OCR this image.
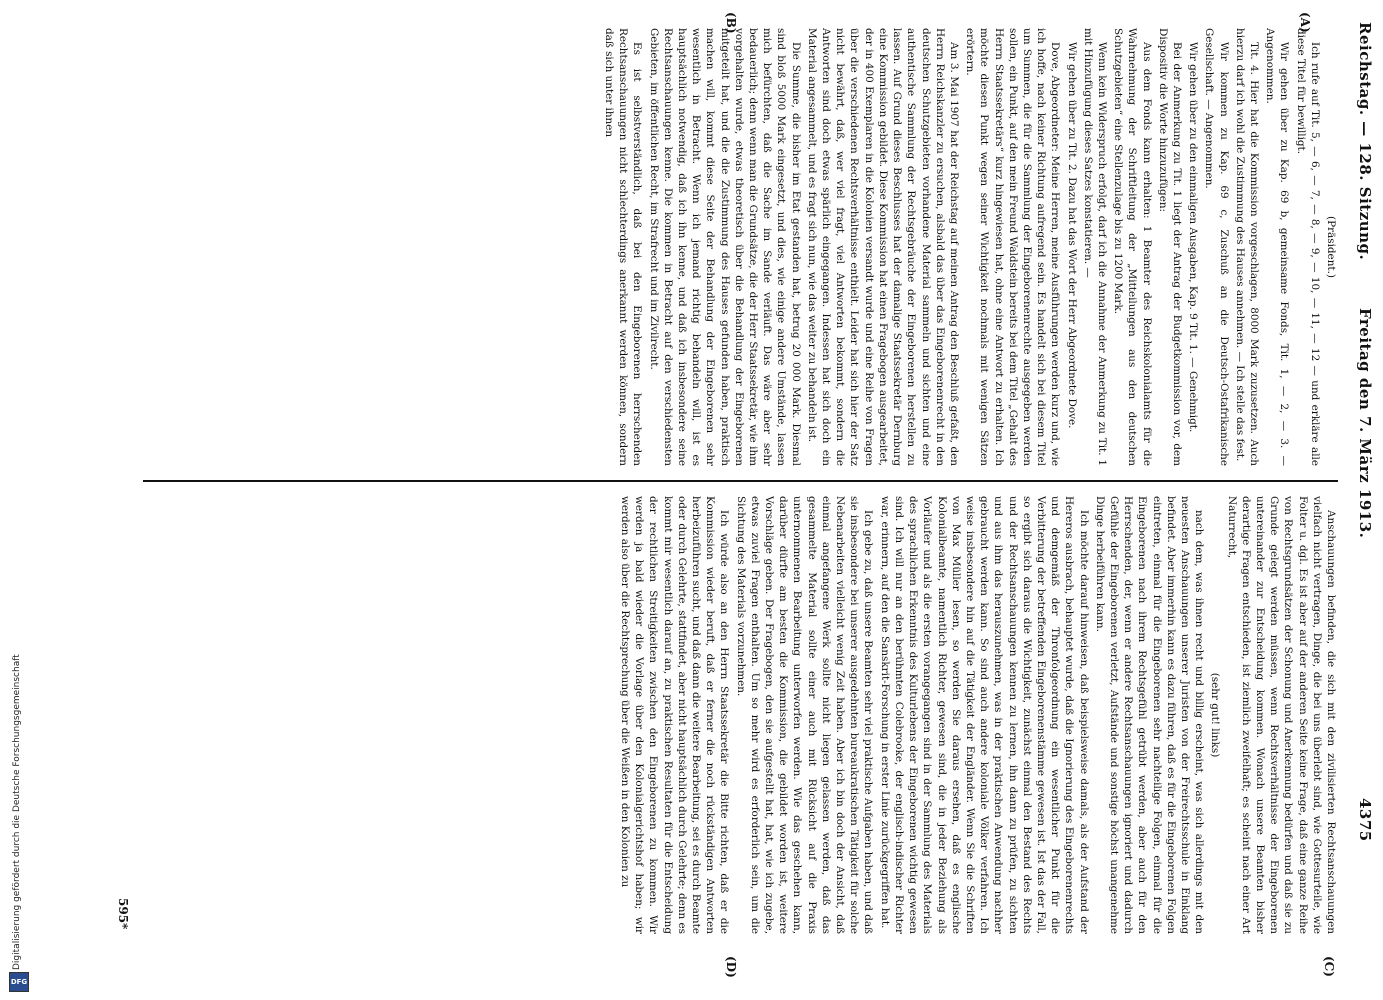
Digitalisierung gefördert durch die Deutsche Forschungsgemeinschaft
DFG
Reichstag. — 128. Sitzung.
Freitag den 7. März 1913.
4375
(A)
(B)
(C)
(D)

(Präsident.)

Ich rufe auf Tit. 5, — 6, — 7, — 8, — 9, — 10, — 11, — 12 — und erkläre alle diese Titel für bewilligt.

Wir gehen über zu Kap. 69 b, gemeinsame Fonds, Tit. 1, — 2, — 3. — Angenommen.

Tit. 4. Hier hat die Kommission vorgeschlagen, 8000 Mark zuzusetzen. Auch hierzu darf ich wohl die Zustimmung des Hauses annehmen. — Ich stelle das fest.

Wir kommen zu Kap. 69 c, Zuschuß an die Deutsch-Ostafrikanische Gesellschaft. — Angenommen.

Wir gehen über zu den einmaligen Ausgaben, Kap. 9 Tit. 1. — Genehmigt.

Bei der Anmerkung zu Tit. 1 liegt der Antrag der Budgetkommission vor, dem Dispositiv die Worte hinzuzufügen:

Aus dem Fonds kann erhalten: 1 Beamter des Reichskolonialamts für die Wahrnehmung der Schriftleitung der „Mitteilungen aus den deutschen Schutzgebieten“ eine Stellenzulage bis zu 1200 Mark.

Wenn kein Widerspruch erfolgt, darf ich die Annahme der Anmerkung zu Tit. 1 mit Hinzufügung dieses Satzes konstatieren. —

Wir gehen über zu Tit. 2. Dazu hat das Wort der Herr Abgeordnete Dove.

Dove, Abgeordneter: Meine Herren, meine Ausführungen werden kurz und, wie ich hoffe, nach keiner Richtung aufregend sein. Es handelt sich bei diesem Titel um Summen, die für die Sammlung der Eingeborenenrechte ausgegeben werden sollen, ein Punkt, auf den mein Freund Waldstein bereits bei dem Titel „Gehalt des Herrn Staatssekretärs“ kurz hingewiesen hat, ohne eine Antwort zu erhalten. Ich möchte diesen Punkt wegen seiner Wichtigkeit nochmals mit wenigen Sätzen erörtern.

Am 3. Mai 1907 hat der Reichstag auf meinen Antrag den Beschluß gefaßt, den Herrn Reichskanzler zu ersuchen, alsbald das über das Eingeborenenrecht in den deutschen Schutzgebieten vorhandene Material sammeln und sichten und eine authentische Sammlung der Rechtsgebräuche der Eingeborenen herstellen zu lassen. Auf Grund dieses Beschlusses hat der damalige Staatssekretär Dernburg eine Kommission gebildet. Diese Kommission hat einen Fragebogen ausgearbeitet, der in 400 Exemplaren in die Kolonien versandt wurde und eine Reihe von Fragen über die verschiedenen Rechtsverhältnisse enthielt. Leider hat sich hier der Satz nicht bewährt, daß, wer viel fragt, viel Antworten bekommt, sondern die Antworten sind doch etwas spärlich eingegangen. Indessen hat sich doch ein Material angesammelt, und es fragt sich nun, wie das weiter zu behandeln ist.

Die Summe, die bisher im Etat gestanden hat, betrug 20 000 Mark. Diesmal sind bloß 5000 Mark eingesetzt, und dies, wie einige andere Umstände, lassen mich befürchten, daß die Sache im Sande verläuft. Das wäre aber sehr bedauerlich; denn wenn man die Grundsätze, die der Herr Staatssekretär, wie ihm vorgehalten wurde, etwas theoretisch über die Behandlung der Eingeborenen mitgeteilt hat, und die die Zustimmung des Hauses gefunden haben, praktisch machen will, kommt diese Seite der Behandlung der Eingeborenen sehr wesentlich in Betracht. Wenn ich jemand richtig behandeln will, ist es hauptsächlich notwendig, daß ich ihn kenne, und daß ich insbesondere seine Rechtsanschauungen kenne. Die kommen in Betracht auf den verschiedensten Gebieten, im öffentlichen Recht, im Strafrecht und im Zivilrecht.

Es ist selbstverständlich, daß bei den Eingeborenen herrschenden Rechtsanschauungen nicht schlechterdings anerkannt werden können, sondern daß sich unter ihnen

Anschauungen befinden, die sich mit den zivilisierten Rechtsanschauungen vielfach nicht vertragen, Dinge, die bei uns überlebt sind, wie Gottesurteile, wie Folter u. dgl. Es ist aber auf der anderen Seite keine Frage, daß eine ganze Reihe von Rechtsgrundsätzen der Schonung und Anerkennung bedürfen und daß sie zu Grunde gelegt werden müssen, wenn Rechtsverhältnisse der Eingeborenen untereinander zur Entscheidung kommen. Wonach unsere Beamten bisher derartige Fragen entschieden, ist ziemlich zweifelhaft; es scheint nach einer Art Naturrecht,

(sehr gut! links)

nach dem, was ihnen recht und billig erscheint, was sich allerdings mit den neuesten Anschauungen unserer Juristen von der Freirechtsschule in Einklang befindet. Aber immerhin kann es dazu führen, daß es für die Eingeborenen Folgen eintreten, einmal für die Eingeborenen sehr nachteilige Folgen, einmal für die Eingeborenen nach ihrem Rechtsgefühl getrübt werden, aber auch für den Herrschenden, der, wenn er andere Rechtsanschauungen ignoriert und dadurch Gefühle der Eingeborenen verletzt, Aufstände und sonstige höchst unangenehme Dinge herbeiführen kann.

Ich möchte darauf hinweisen, daß beispielsweise damals, als der Aufstand der Hereros ausbrach, behauptet wurde, daß die Ignorierung des Eingeborenenrechts und demgemäß der Thronfolgeordnung ein wesentlicher Punkt für die Verbitterung der betreffenden Eingeborenenstämme gewesen ist. Ist das der Fall, so ergibt sich daraus die Wichtigkeit, zunächst einmal den Bestand des Rechts und der Rechtsanschauungen kennen zu lernen, ihn dann zu prüfen, zu sichten und aus ihm das herauszunehmen, was in der praktischen Anwendung nachher gebraucht werden kann. So sind auch andere koloniale Völker verfahren. Ich weise insbesondere hin auf die Tätigkeit der Engländer. Wenn Sie die Schriften von Max Müller lesen, so werden Sie daraus ersehen, daß es englische Kolonialbeamte, namentlich Richter, gewesen sind, die in jeder Beziehung als Vorläufer und als die ersten vorangegangen sind in der Sammlung des Materials des sprachlichen Erkenntnis des Kulturlebens der Eingeborenen wichtig gewesen sind. Ich will nur an den berühmten Colebrooke, der englisch-indischer Richter war, erinnern, auf den die Sanskrit-Forschung in erster Linie zurückgegriffen hat.

Ich gebe zu, daß unsere Beamten sehr viel praktische Aufgaben haben, und daß sie insbesondere bei unserer ausgedehnten bureaukratischen Tätigkeit für solche Nebenarbeiten vielleicht wenig Zeit haben. Aber ich bin doch der Ansicht, daß einmal angefangene Werk sollte nicht liegen gelassen werden, daß das gesammelte Material sollte einer auch mit Rücksicht auf die Praxis unternommenen Bearbeitung unterworfen werden. Wie das geschehen kann, darüber dürfte am besten die Kommission, die gebildet worden ist, weitere Vorschläge geben. Der Fragebogen, den sie aufgestellt hat, hat, wie ich zugebe, etwas zuviel Fragen enthalten. Um so mehr wird es erforderlich sein, um die Sichtung des Materials vorzunehmen.

Ich würde also an den Herrn Staatssekretär die Bitte richten, daß er die Kommission wieder beruft, daß er ferner die noch rückständigen Antworten herbeizuführen sucht, und daß dann die weitere Bearbeitung, sei es durch Beamte oder durch Gelehrte, stattfindet, aber nicht hauptsächlich durch Gelehrte; denn es kommt mir wesentlich darauf an, zu praktischen Resultaten für die Entscheidung der rechtlichen Streitigkeiten zwischen den Eingeborenen zu kommen. Wir werden ja bald wieder die Vorlage über den Kolonialgerichtshof haben; wir werden also über die Rechtsprechung über die Weißen in den Kolonien zu

595*
